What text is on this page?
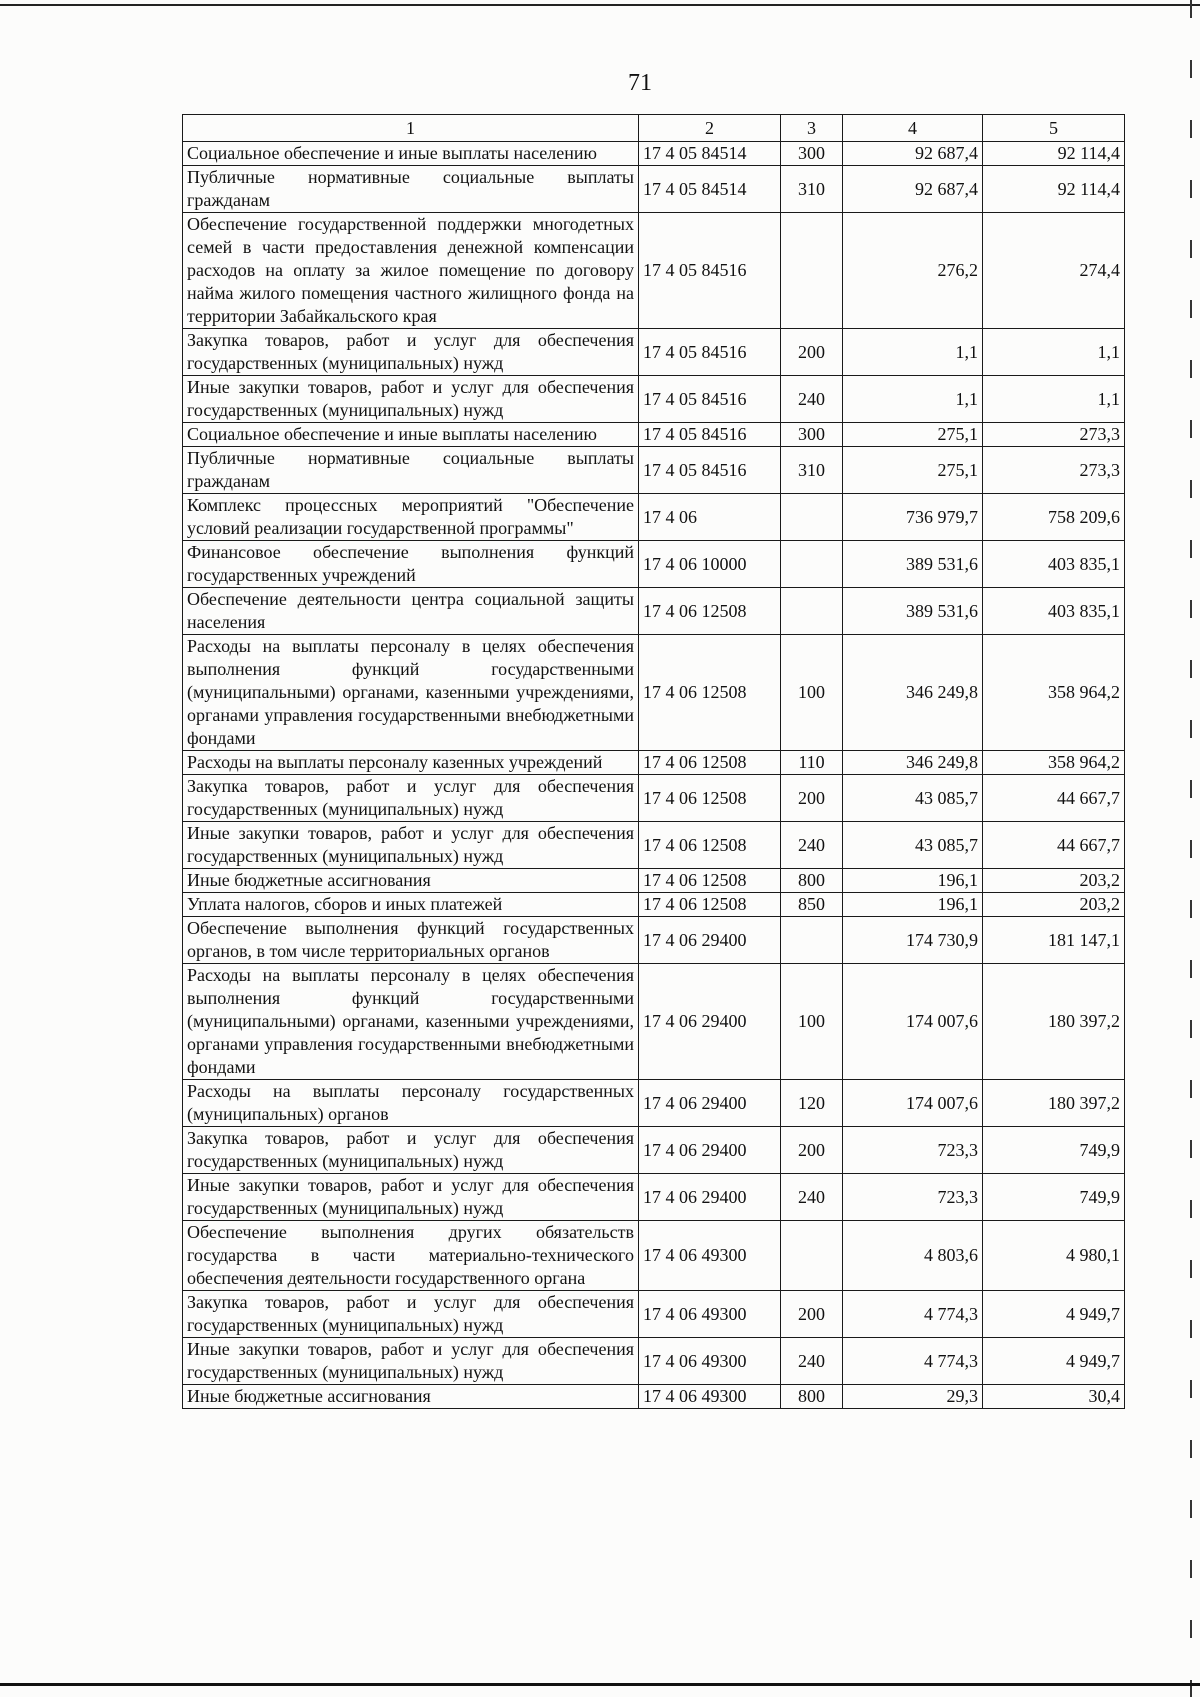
71
1	2	3	4	5
Социальное обеспечение и иные выплаты населению	17 4 05 84514	300	92 687,4	92 114,4
Публичные нормативные социальные выплаты гражданам	17 4 05 84514	310	92 687,4	92 114,4
Обеспечение государственной поддержки многодетных семей в части предоставления денежной компенсации расходов на оплату за жилое помещение по договору найма жилого помещения частного жилищного фонда на территории Забайкальского края	17 4 05 84516		276,2	274,4
Закупка товаров, работ и услуг для обеспечения государственных (муниципальных) нужд	17 4 05 84516	200	1,1	1,1
Иные закупки товаров, работ и услуг для обеспечения государственных (муниципальных) нужд	17 4 05 84516	240	1,1	1,1
Социальное обеспечение и иные выплаты населению	17 4 05 84516	300	275,1	273,3
Публичные нормативные социальные выплаты гражданам	17 4 05 84516	310	275,1	273,3
Комплекс процессных мероприятий "Обеспечение условий реализации государственной программы"	17 4 06		736 979,7	758 209,6
Финансовое обеспечение выполнения функций государственных учреждений	17 4 06 10000		389 531,6	403 835,1
Обеспечение деятельности центра социальной защиты населения	17 4 06 12508		389 531,6	403 835,1
Расходы на выплаты персоналу в целях обеспечения выполнения функций государственными (муниципальными) органами, казенными учреждениями, органами управления государственными внебюджетными фондами	17 4 06 12508	100	346 249,8	358 964,2
Расходы на выплаты персоналу казенных учреждений	17 4 06 12508	110	346 249,8	358 964,2
Закупка товаров, работ и услуг для обеспечения государственных (муниципальных) нужд	17 4 06 12508	200	43 085,7	44 667,7
Иные закупки товаров, работ и услуг для обеспечения государственных (муниципальных) нужд	17 4 06 12508	240	43 085,7	44 667,7
Иные бюджетные ассигнования	17 4 06 12508	800	196,1	203,2
Уплата налогов, сборов и иных платежей	17 4 06 12508	850	196,1	203,2
Обеспечение выполнения функций государственных органов, в том числе территориальных органов	17 4 06 29400		174 730,9	181 147,1
Расходы на выплаты персоналу в целях обеспечения выполнения функций государственными (муниципальными) органами, казенными учреждениями, органами управления государственными внебюджетными фондами	17 4 06 29400	100	174 007,6	180 397,2
Расходы на выплаты персоналу государственных (муниципальных) органов	17 4 06 29400	120	174 007,6	180 397,2
Закупка товаров, работ и услуг для обеспечения государственных (муниципальных) нужд	17 4 06 29400	200	723,3	749,9
Иные закупки товаров, работ и услуг для обеспечения государственных (муниципальных) нужд	17 4 06 29400	240	723,3	749,9
Обеспечение выполнения других обязательств государства в части материально-технического обеспечения деятельности государственного органа	17 4 06 49300		4 803,6	4 980,1
Закупка товаров, работ и услуг для обеспечения государственных (муниципальных) нужд	17 4 06 49300	200	4 774,3	4 949,7
Иные закупки товаров, работ и услуг для обеспечения государственных (муниципальных) нужд	17 4 06 49300	240	4 774,3	4 949,7
Иные бюджетные ассигнования	17 4 06 49300	800	29,3	30,4
